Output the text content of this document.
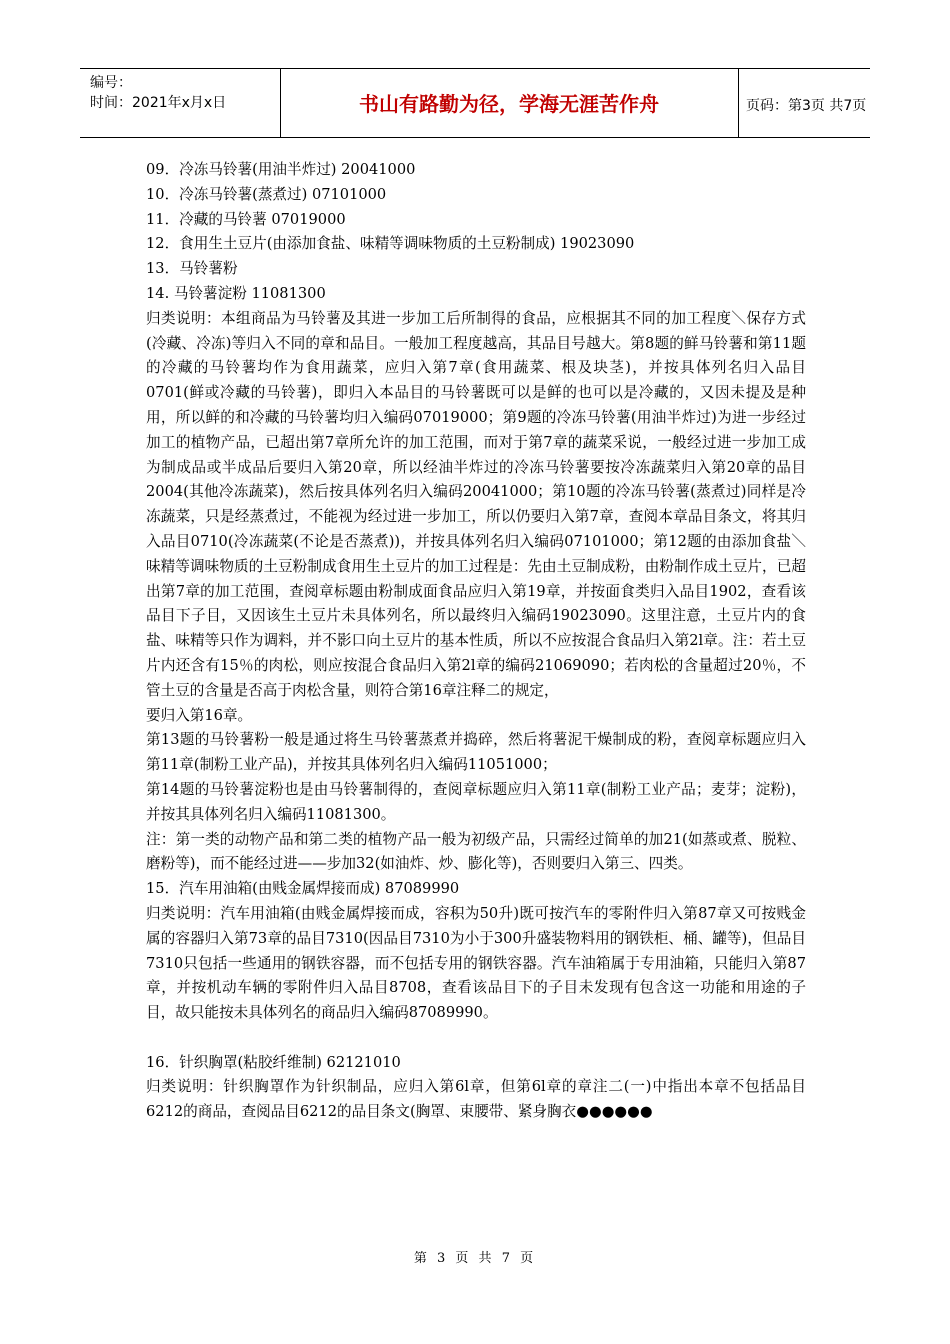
编号：
时间：2021年x月x日	书山有路勤为径，学海无涯苦作舟	页码：第3页 共7页

09．冷冻马铃薯(用油半炸过) 20041000

10．冷冻马铃薯(蒸煮过) 07101000

11．冷藏的马铃薯 07019000

12．食用生土豆片(由添加食盐、味精等调味物质的土豆粉制成) 19023090

13．马铃薯粉

14. 马铃薯淀粉 11081300

归类说明：本组商品为马铃薯及其进一步加工后所制得的食品，应根据其不同的加工程度＼保存方式(冷藏、冷冻)等归入不同的章和品目。一般加工程度越高，其品目号越大。第8题的鲜马铃薯和第11题的冷藏的马铃薯均作为食用蔬菜，应归入第7章(食用蔬菜、根及块茎)，并按具体列名归入品目0701(鲜或冷藏的马铃薯)，即归入本品目的马铃薯既可以是鲜的也可以是冷藏的，又因未提及是种用，所以鲜的和冷藏的马铃薯均归入编码07019000；第9题的冷冻马铃薯(用油半炸过)为进一步经过加工的植物产品，已超出第7章所允许的加工范围，而对于第7章的蔬菜采说，一般经过进一步加工成为制成品或半成品后要归入第20章，所以经油半炸过的冷冻马铃薯要按冷冻蔬菜归入第20章的品目2004(其他冷冻蔬菜)，然后按具体列名归入编码20041000；第10题的冷冻马铃薯(蒸煮过)同样是冷冻蔬菜，只是经蒸煮过，不能视为经过进一步加工，所以仍要归入第7章，查阅本章品目条文，将其归入品目0710(冷冻蔬菜(不论是否蒸煮))，并按具体列名归入编码07101000；第12题的由添加食盐＼味精等调味物质的土豆粉制成食用生土豆片的加工过程是：先由土豆制成粉，由粉制作成土豆片，已超出第7章的加工范围，查阅章标题由粉制成面食品应归入第19章，并按面食类归入品目1902，查看该品目下子目，又因该生土豆片未具体列名，所以最终归入编码19023090。这里注意，土豆片内的食盐、味精等只作为调料，并不影口向土豆片的基本性质，所以不应按混合食品归入第2l章。注：若土豆片内还含有15％的肉松，则应按混合食品归入第2l章的编码21069090；若肉松的含量超过20％，不管土豆的含量是否高于肉松含量，则符合第16章注释二的规定，

要归入第16章。

第13题的马铃薯粉一般是通过将生马铃薯蒸煮并捣碎，然后将薯泥干燥制成的粉，查阅章标题应归入第11章(制粉工业产品)，并按其具体列名归入编码11051000；

第14题的马铃薯淀粉也是由马铃薯制得的，查阅章标题应归入第11章(制粉工业产品；麦芽；淀粉)，并按其具体列名归入编码11081300。

注：第一类的动物产品和第二类的植物产品一般为初级产品，只需经过简单的加21(如蒸或煮、脱粒、磨粉等)，而不能经过进——步加32(如油炸、炒、膨化等)，否则要归入第三、四类。

15．汽车用油箱(由贱金属焊接而成) 87089990

归类说明：汽车用油箱(由贱金属焊接而成，容积为50升)既可按汽车的零附件归入第87章又可按贱金属的容器归入第73章的品目7310(因品目7310为小于300升盛装物料用的钢铁柜、桶、罐等)，但品目7310只包括一些通用的钢铁容器，而不包括专用的钢铁容器。汽车油箱属于专用油箱，只能归入第87章，并按机动车辆的零附件归入品目8708，查看该品目下的子目未发现有包含这一功能和用途的子目，故只能按未具体列名的商品归入编码87089990。

16．针织胸罩(粘胶纤维制) 62121010

归类说明：针织胸罩作为针织制品，应归入第6l章，但第6l章的章注二(一)中指出本章不包括品目6212的商品，查阅品目6212的品目条文(胸罩、束腰带、紧身胸衣●●●●●●

第 3 页 共 7 页
